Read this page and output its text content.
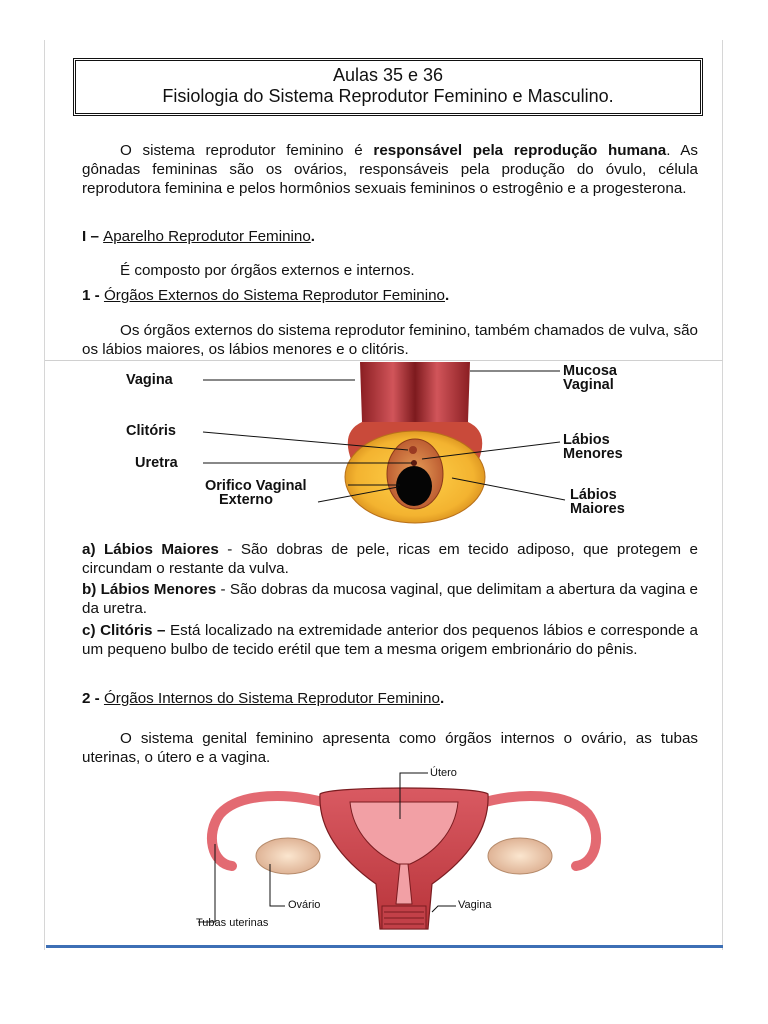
Aulas 35 e 36
Fisiologia do Sistema Reprodutor Feminino e Masculino.
O sistema reprodutor feminino é responsável pela reprodução humana. As gônadas femininas são os ovários, responsáveis pela produção do óvulo, célula reprodutora feminina e pelos hormônios sexuais femininos o estrogênio e a progesterona.
I – Aparelho Reprodutor Feminino.
É composto por órgãos externos e internos.
1 - Órgãos Externos do Sistema Reprodutor Feminino.
Os órgãos externos do sistema reprodutor feminino, também chamados de vulva, são os lábios maiores, os lábios menores e o clitóris.
Vagina
Clitóris
Uretra
Orifico Vaginal
Externo
Mucosa
Vaginal
Lábios
Menores
Lábios
Maiores
a) Lábios Maiores - São dobras de pele, ricas em tecido adiposo, que protegem e circundam o restante da vulva.
b) Lábios Menores - São dobras da mucosa vaginal, que delimitam a abertura da vagina e da uretra.
c) Clitóris – Está localizado na extremidade anterior dos pequenos lábios e corresponde a um pequeno bulbo de tecido erétil que tem a mesma origem embrionário do pênis.
2 - Órgãos Internos do Sistema Reprodutor Feminino.
O sistema genital feminino apresenta como órgãos internos o ovário, as tubas uterinas, o útero e a vagina.
Útero
Ovário	Vagina
Tubas uterinas
